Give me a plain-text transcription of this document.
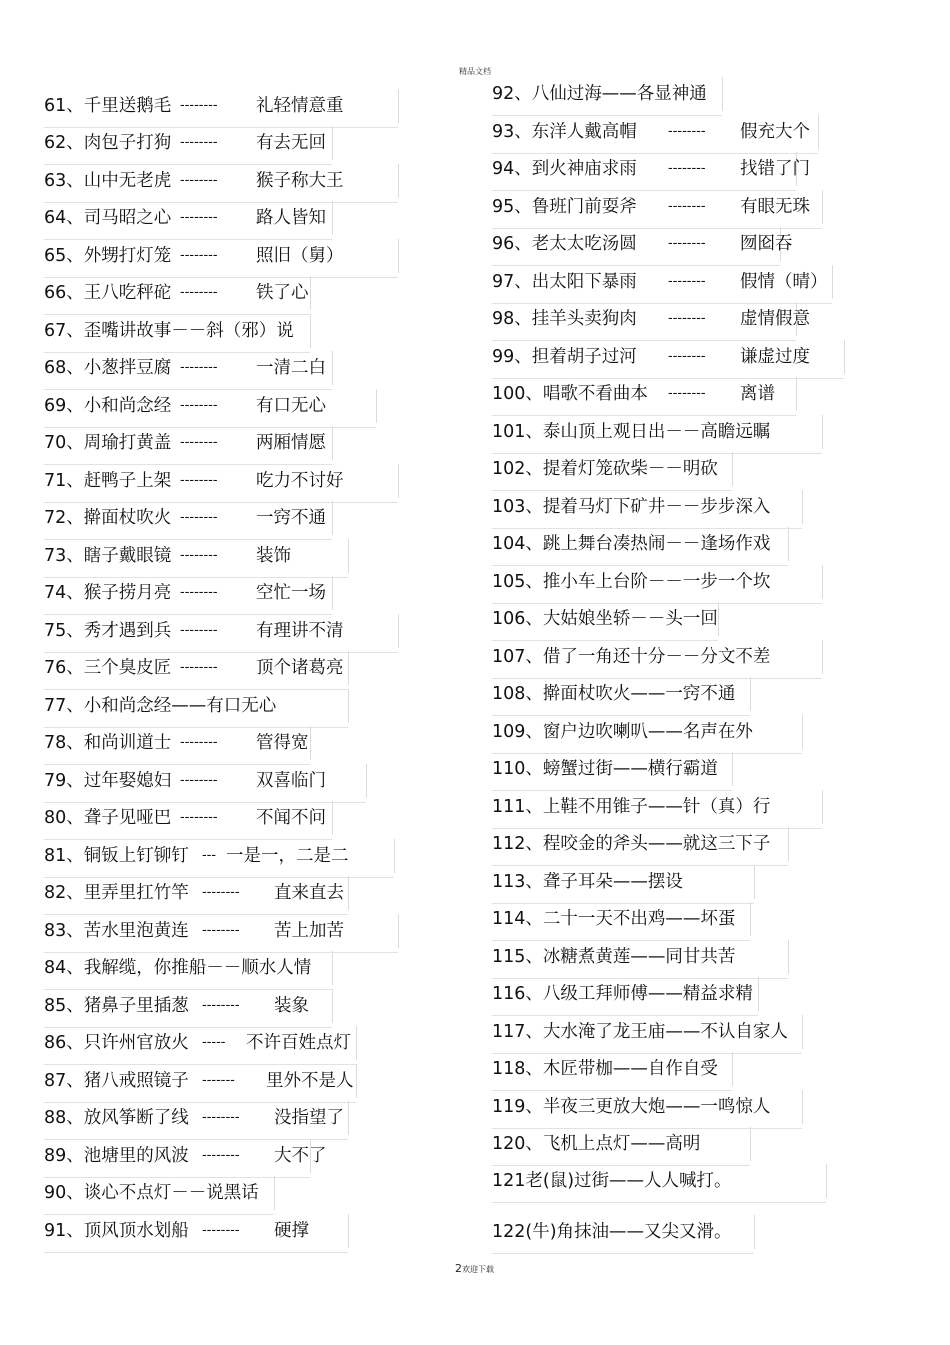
精品文档
61、千里送鹅毛 -------- 礼轻情意重
62、肉包子打狗 -------- 有去无回
63、山中无老虎 -------- 猴子称大王
64、司马昭之心 -------- 路人皆知
65、外甥打灯笼 -------- 照旧（舅）
66、王八吃秤砣 -------- 铁了心
67、歪嘴讲故事－－斜（邪）说
68、小葱拌豆腐 -------- 一清二白
69、小和尚念经 -------- 有口无心
70、周瑜打黄盖 -------- 两厢情愿
71、赶鸭子上架 -------- 吃力不讨好
72、擀面杖吹火 -------- 一窍不通
73、瞎子戴眼镜 -------- 装饰
74、猴子捞月亮 -------- 空忙一场
75、秀才遇到兵 -------- 有理讲不清
76、三个臭皮匠 -------- 顶个诸葛亮
77、小和尚念经——有口无心
78、和尚训道士 -------- 管得宽
79、过年娶媳妇 -------- 双喜临门
80、聋子见哑巴 -------- 不闻不问
81、铜钣上钉铆钉 --- 一是一，二是二
82、里弄里扛竹竿 -------- 直来直去
83、苦水里泡黄连 -------- 苦上加苦
84、我解缆，你推船－－顺水人情
85、猪鼻子里插葱 -------- 装象
86、只许州官放火 ----- 不许百姓点灯
87、猪八戒照镜子 ------- 里外不是人
88、放风筝断了线 -------- 没指望了
89、池塘里的风波 -------- 大不了
90、谈心不点灯－－说黑话
91、顶风顶水划船 -------- 硬撑
92、八仙过海——各显神通
93、东洋人戴高帽 -------- 假充大个
94、到火神庙求雨 -------- 找错了门
95、鲁班门前耍斧 -------- 有眼无珠
96、老太太吃汤圆 -------- 囫囵吞
97、出太阳下暴雨 -------- 假情（晴）
98、挂羊头卖狗肉 -------- 虚情假意
99、担着胡子过河 -------- 谦虚过度
100、唱歌不看曲本 -------- 离谱
101、泰山顶上观日出－－高瞻远瞩
102、提着灯笼砍柴－－明砍
103、提着马灯下矿井－－步步深入
104、跳上舞台凑热闹－－逢场作戏
105、推小车上台阶－－一步一个坎
106、大姑娘坐轿－－头一回
107、借了一角还十分－－分文不差
108、擀面杖吹火——一窍不通
109、窗户边吹喇叭——名声在外
110、螃蟹过街——横行霸道
111、上鞋不用锥子——针（真）行
112、程咬金的斧头——就这三下子
113、聋子耳朵——摆设
114、二十一天不出鸡——坏蛋
115、冰糖煮黄莲——同甘共苦
116、八级工拜师傅——精益求精
117、大水淹了龙王庙——不认自家人
118、木匠带枷——自作自受
119、半夜三更放大炮——一鸣惊人
120、飞机上点灯——高明
121老(鼠)过街——人人喊打。
122(牛)角抹油——又尖又滑。
2欢迎下载
